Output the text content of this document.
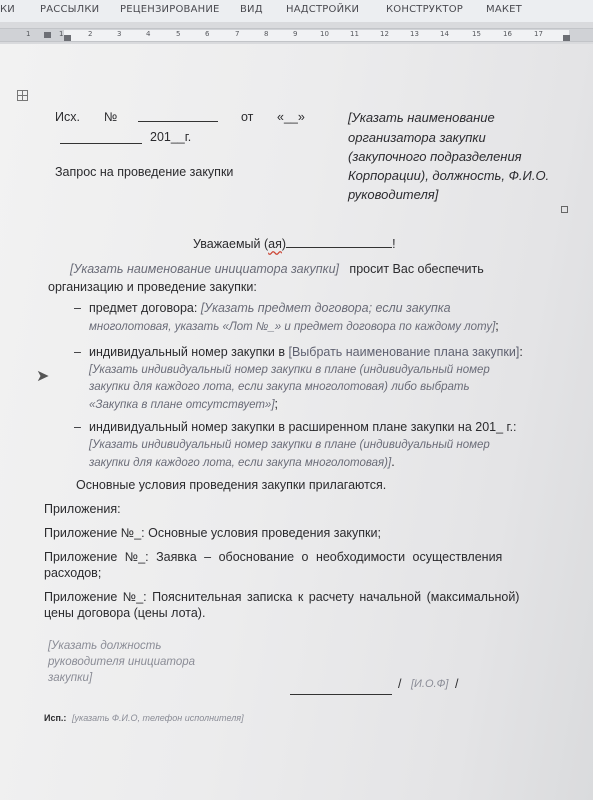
КИ	РАССЫЛКИ РЕЦЕНЗИРОВАНИЕ ВИД НАДСТРОЙКИ	КОНСТРУКТОР МАКЕТ
1	1	2	3	4	5	6	7	8	9	10	11	12	13	14	15	16	17
➤
Исх. №	от «__»
201__г.
Запрос на проведение закупки
[Указать наименование
организатора закупки
(закупочного подразделения
Корпорации), должность, Ф.И.О.
руководителя]
Уважаемый (ая)	!
[Указать наименование инициатора закупки] просит Вас обеспечить
организацию и проведение закупки:
– предмет договора: [Указать предмет договора; если закупка
многолотовая, указать «Лот №_» и предмет договора по каждому лоту];
– индивидуальный номер закупки в [Выбрать наименование плана закупки]:
[Указать индивидуальный номер закупки в плане (индивидуальный номер
закупки для каждого лота, если закупа многолотовая) либо выбрать
«Закупка в плане отсутствует»];
– индивидуальный номер закупки в расширенном плане закупки на 201_ г.:
[Указать индивидуальный номер закупки в плане (индивидуальный номер
закупки для каждого лота, если закупа многолотовая)].
Основные условия проведения закупки прилагаются.
Приложения:
Приложение №_: Основные условия проведения закупки;
Приложение №_: Заявка – обоснование о необходимости осуществления
расходов;
Приложение №_: Пояснительная записка к расчету начальной (максимальной)
цены договора (цены лота).
[Указать должность
руководителя инициатора
закупки]	/ [И.О.Ф] /
Исп.: [указать Ф.И.О, телефон исполнителя]
